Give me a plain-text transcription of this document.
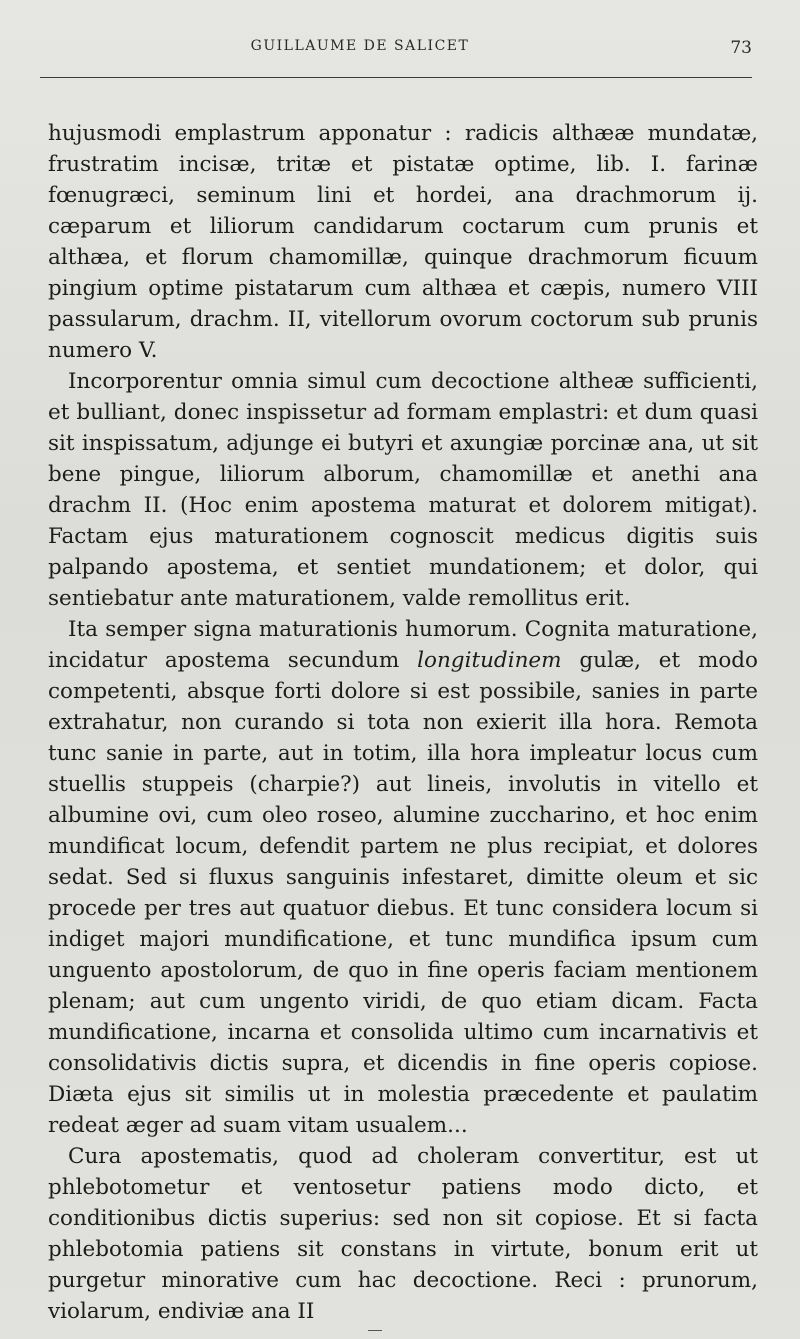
GUILLAUME DE SALICET	73

hujusmodi emplastrum apponatur : radicis althææ mundatæ, frustratim incisæ, tritæ et pistatæ optime, lib. I. farinæ fœnugræci, seminum lini et hordei, ana drachmorum ij. cæparum et liliorum candidarum coctarum cum prunis et althæa, et florum chamomillæ, quinque drachmorum ficuum pingium optime pistatarum cum althæa et cæpis, numero VIII passularum, drachm. II, vitellorum ovorum coctorum sub prunis numero V.

Incorporentur omnia simul cum decoctione altheæ sufficienti, et bulliant, donec inspissetur ad formam emplastri: et dum quasi sit inspissatum, adjunge ei butyri et axungiæ porcinæ ana, ut sit bene pingue, liliorum alborum, chamomillæ et anethi ana drachm II. (Hoc enim apostema maturat et dolorem mitigat). Factam ejus maturationem cognoscit medicus digitis suis palpando apostema, et sentiet mundationem; et dolor, qui sentiebatur ante maturationem, valde remollitus erit.

Ita semper signa maturationis humorum. Cognita maturatione, incidatur apostema secundum longitudinem gulæ, et modo competenti, absque forti dolore si est possibile, sanies in parte extrahatur, non curando si tota non exierit illa hora. Remota tunc sanie in parte, aut in totim, illa hora impleatur locus cum stuellis stuppeis (charpie?) aut lineis, involutis in vitello et albumine ovi, cum oleo roseo, alumine zuccharino, et hoc enim mundificat locum, defendit partem ne plus recipiat, et dolores sedat. Sed si fluxus sanguinis infestaret, dimitte oleum et sic procede per tres aut quatuor diebus. Et tunc considera locum si indiget majori mundificatione, et tunc mundifica ipsum cum unguento apostolorum, de quo in fine operis faciam mentionem plenam; aut cum ungento viridi, de quo etiam dicam. Facta mundificatione, incarna et consolida ultimo cum incarnativis et consolidativis dictis supra, et dicendis in fine operis copiose. Diæta ejus sit similis ut in molestia præcedente et paulatim redeat æger ad suam vitam usualem...

Cura apostematis, quod ad choleram convertitur, est ut phlebotometur et ventosetur patiens modo dicto, et conditionibus dictis superius: sed non sit copiose. Et si facta phlebotomia patiens sit constans in virtute, bonum erit ut purgetur minorative cum hac decoctione. Reci : prunorum, violarum, endiviæ ana II
